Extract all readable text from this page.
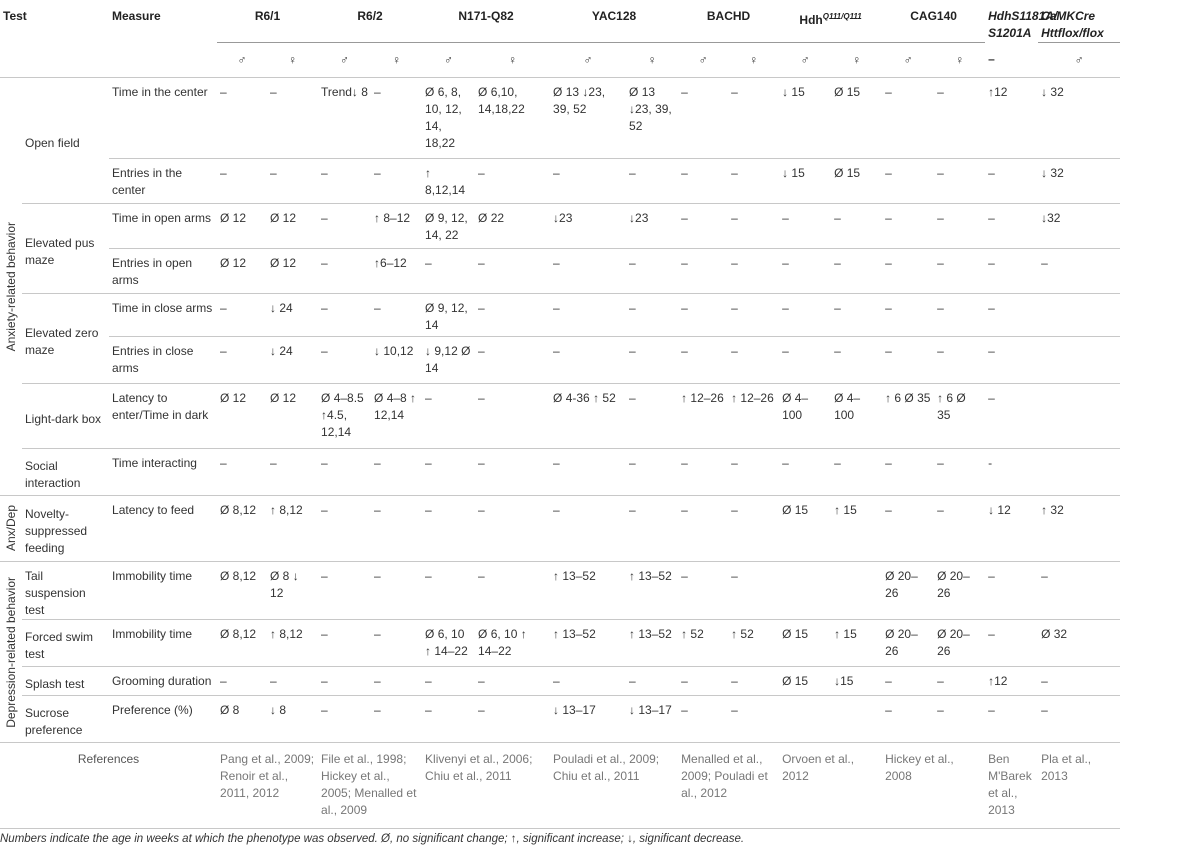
Test		Measure	R6/1		R6/2		N171-Q82		YAC128		BACHD		Hdh$^{Q111/Q111}$		CAG140		HdhS1181A/ S1201A	CaMKCre Httflox/flox
			♂	♀	♂	♀	♂	♀	♂	♀	♂	♀	♂	♀	♂	♀	–	♂

Anxiety-related behavior	Open field	Time in the center	–	–	Trend↓ 8	–	Ø 6, 8, 10, 12, 14, 18,22	Ø 6,10, 14,18,22	Ø 13 ↓23, 39, 52	Ø 13 ↓23, 39, 52	–	–	↓ 15	Ø 15	–	–	↑12	↓ 32
		Entries in the center	–	–	–	–	↑ 8,12,14	–	–	–	–	–	↓ 15	Ø 15	–	–	–	↓ 32
	Elevated pus maze	Time in open arms	Ø 12	Ø 12	–	↑ 8–12	Ø 9, 12, 14, 22	Ø 22	↓23	↓23	–	–	–	–	–	–	–	↓32
		Entries in open arms	Ø 12	Ø 12	–	↑6–12	–	–	–	–	–	–	–	–	–	–	–	–
	Elevated zero maze	Time in close arms	–	↓ 24	–	–	Ø 9, 12, 14	–	–	–	–	–	–	–	–	–	–	
		Entries in close arms	–	↓ 24	–	↓ 10,12	↓ 9,12 Ø 14	–	–	–	–	–	–	–	–	–	–	
	Light-dark box	Latency to enter/Time in dark	Ø 12	Ø 12	Ø 4–8.5 ↑4.5, 12,14	Ø 4–8 ↑ 12,14	–	–	Ø 4-36 ↑ 52	–	↑ 12–26	↑ 12–26	Ø 4–100	Ø 4–100	↑ 6 Ø 35	↑ 6 Ø 35	–	
	Social interaction	Time interacting	–	–	–	–	–	–	–	–	–	–	–	–	–	–	-	

Anx/Dep	Novelty-suppressed feeding	Latency to feed	Ø 8,12	↑ 8,12	–	–	–	–	–	–	–	–	Ø 15	↑ 15	–	–	↓ 12	↑ 32

Depression-related behavior	Tail suspension test	Immobility time	Ø 8,12	Ø 8 ↓ 12	–	–	–	–	↑ 13–52	↑ 13–52	–	–			Ø 20–26	Ø 20–26	–	–
	Forced swim test	Immobility time	Ø 8,12	↑ 8,12	–	–	Ø 6, 10 ↑ 14–22	Ø 6, 10 ↑ 14–22	↑ 13–52	↑ 13–52	↑ 52	↑ 52	Ø 15	↑ 15	Ø 20–26	Ø 20–26	–	Ø 32
	Splash test	Grooming duration	–	–	–	–	–	–	–	–	–	–	Ø 15	↓15	–	–	↑12	–
	Sucrose preference	Preference (%)	Ø 8	↓ 8	–	–	–	–	↓ 13–17	↓ 13–17	–	–			–	–	–	–
References			Pang et al., 2009; Renoir et al., 2011, 2012		File et al., 1998; Hickey et al., 2005; Menalled et al., 2009		Klivenyi et al., 2006; Chiu et al., 2011		Pouladi et al., 2009; Chiu et al., 2011		Menalled et al., 2009; Pouladi et al., 2012		Orvoen et al., 2012		Hickey et al., 2008		Ben M'Barek et al., 2013	Pla et al., 2013
Numbers indicate the age in weeks at which the phenotype was observed. Ø, no significant change; ↑, significant increase; ↓, significant decrease.
